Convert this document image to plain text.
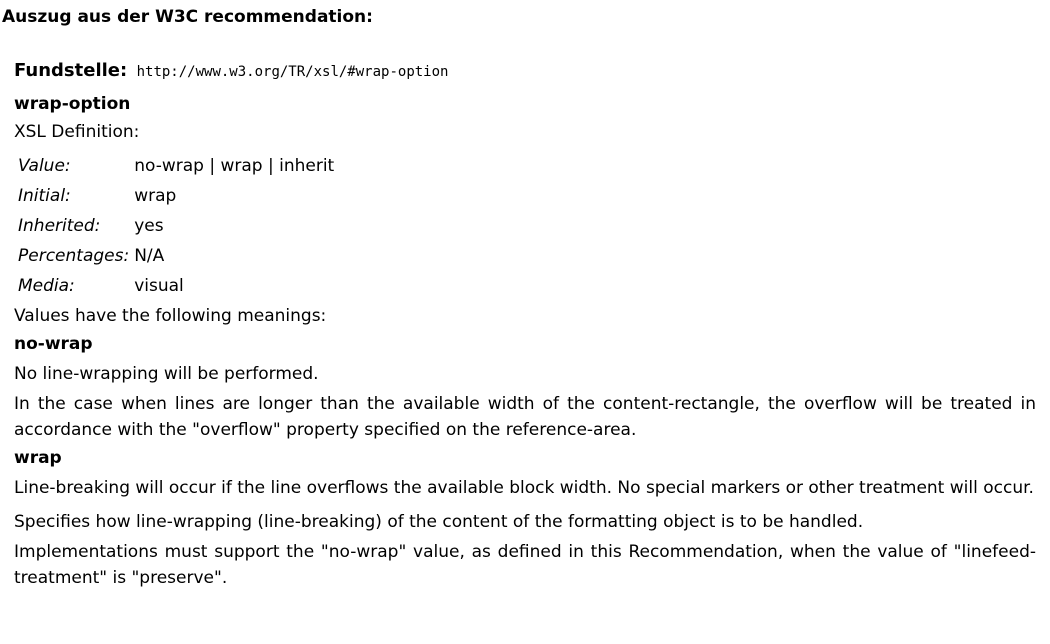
Auszug aus der W3C recommendation:
Fundstelle: http://www.w3.org/TR/xsl/#wrap-option
wrap-option
XSL Definition:
Value:	no-wrap | wrap | inherit
Initial:	wrap
Inherited:	yes
Percentages:	N/A
Media:	visual
Values have the following meanings:
no-wrap
No line-wrapping will be performed.
In the case when lines are longer than the available width of the content-rectangle, the overflow will be treated in accordance with the "overflow" property specified on the reference-area.
wrap
Line-breaking will occur if the line overflows the available block width. No special markers or other treatment will occur.
Specifies how line-wrapping (line-breaking) of the content of the formatting object is to be handled.
Implementations must support the "no-wrap" value, as defined in this Recommendation, when the value of "linefeed-treatment" is "preserve".
